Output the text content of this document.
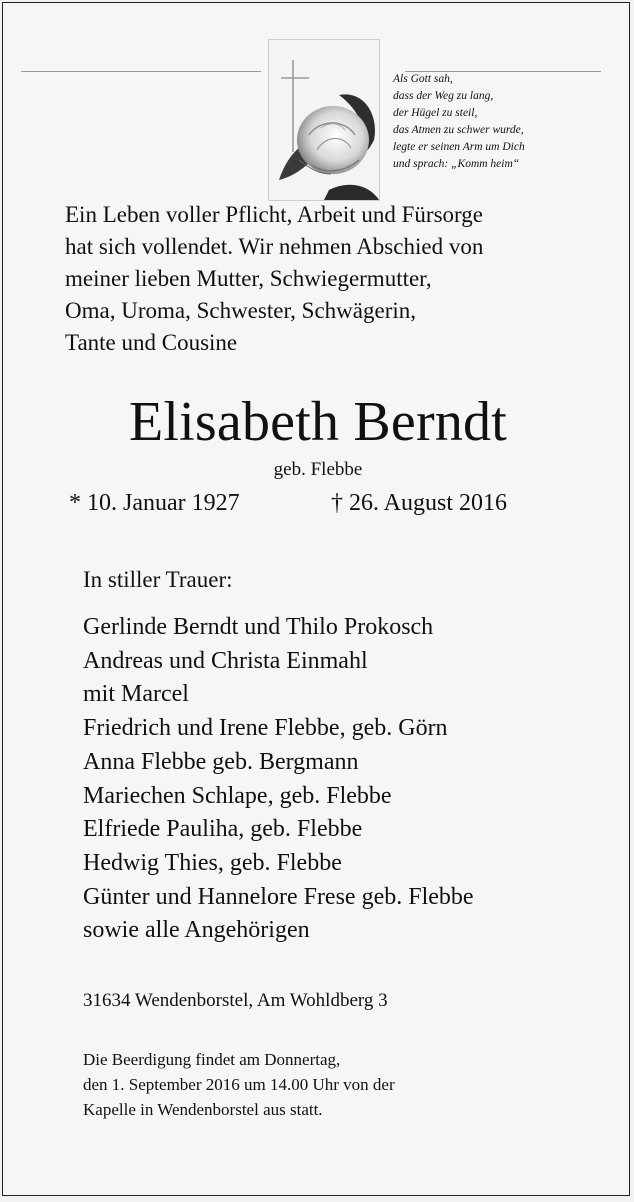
Als Gott sah,
dass der Weg zu lang,
der Hügel zu steil,
das Atmen zu schwer wurde,
legte er seinen Arm um Dich
und sprach: „Komm heim“
Ein Leben voller Pflicht, Arbeit und Fürsorge
hat sich vollendet. Wir nehmen Abschied von
meiner lieben Mutter, Schwiegermutter,
Oma, Uroma, Schwester, Schwägerin,
Tante und Cousine
Elisabeth Berndt
geb. Flebbe
* 10. Januar 1927	† 26. August 2016
In stiller Trauer:
Gerlinde Berndt und Thilo Prokosch
Andreas und Christa Einmahl
mit Marcel
Friedrich und Irene Flebbe, geb. Görn
Anna Flebbe geb. Bergmann
Mariechen Schlape, geb. Flebbe
Elfriede Pauliha, geb. Flebbe
Hedwig Thies, geb. Flebbe
Günter und Hannelore Frese geb. Flebbe
sowie alle Angehörigen
31634 Wendenborstel, Am Wohldberg 3
Die Beerdigung findet am Donnertag,
den 1. September 2016 um 14.00 Uhr von der
Kapelle in Wendenborstel aus statt.
